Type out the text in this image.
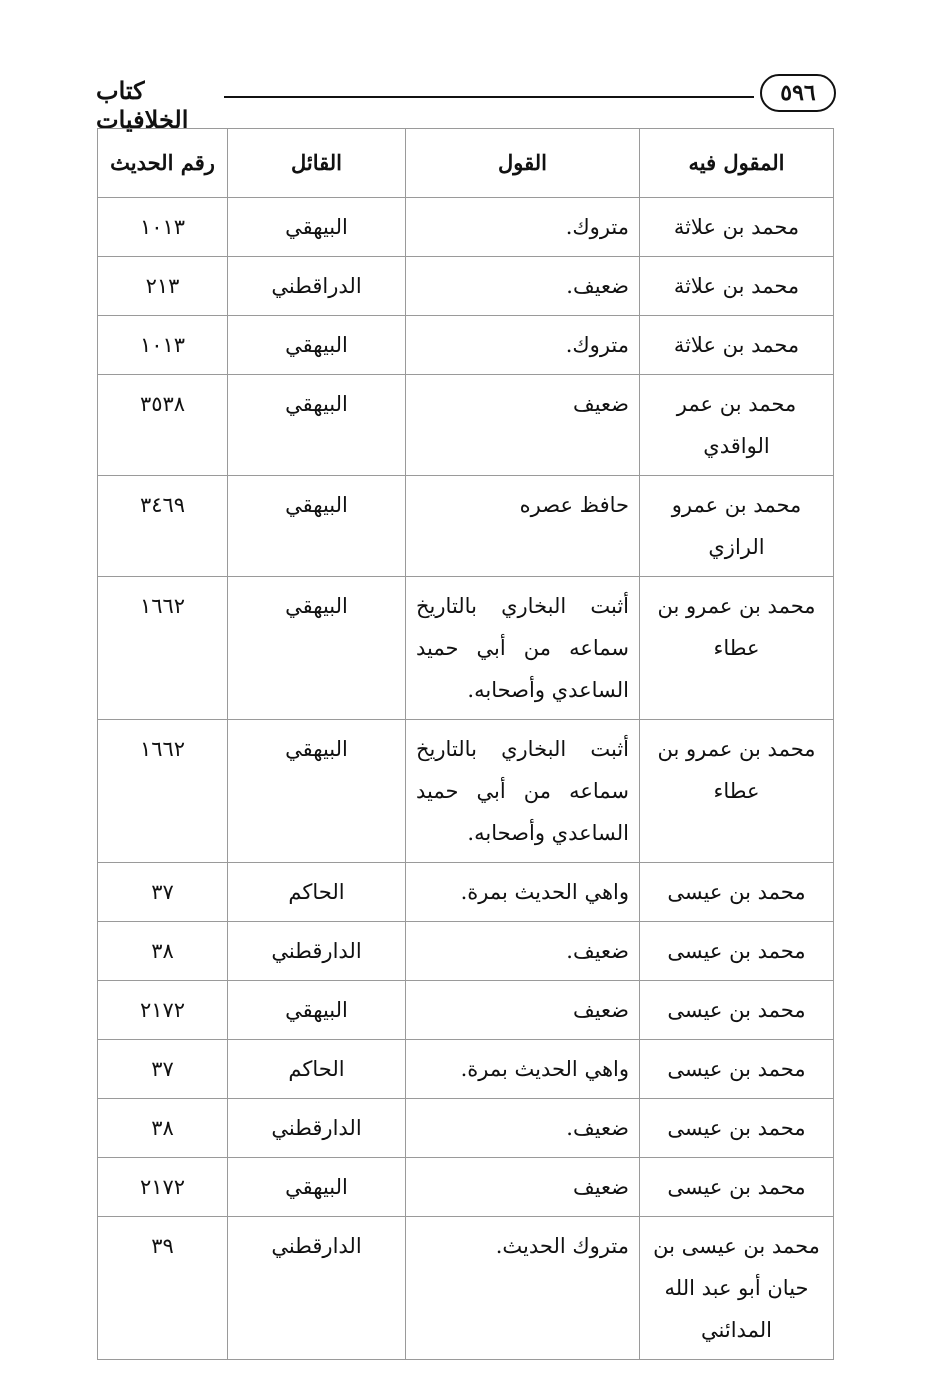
٥٩٦
كتاب الخلافيات
المقول فيه	القول	القائل	رقم الحديث
محمد بن علاثة	متروك.	البيهقي	١٠١٣
محمد بن علاثة	ضعيف.	الدراقطني	٢١٣
محمد بن علاثة	متروك.	البيهقي	١٠١٣
محمد بن عمر الواقدي	ضعيف	البيهقي	٣٥٣٨
محمد بن عمرو الرازي	حافظ عصره	البيهقي	٣٤٦٩
محمد بن عمرو بن عطاء	أثبت البخاري بالتاريخ سماعه من أبي حميد الساعدي وأصحابه.	البيهقي	١٦٦٢
محمد بن عمرو بن عطاء	أثبت البخاري بالتاريخ سماعه من أبي حميد الساعدي وأصحابه.	البيهقي	١٦٦٢
محمد بن عيسى	واهي الحديث بمرة.	الحاكم	٣٧
محمد بن عيسى	ضعيف.	الدارقطني	٣٨
محمد بن عيسى	ضعيف	البيهقي	٢١٧٢
محمد بن عيسى	واهي الحديث بمرة.	الحاكم	٣٧
محمد بن عيسى	ضعيف.	الدارقطني	٣٨
محمد بن عيسى	ضعيف	البيهقي	٢١٧٢
محمد بن عيسى بن حيان أبو عبد الله المدائني	متروك الحديث.	الدارقطني	٣٩
